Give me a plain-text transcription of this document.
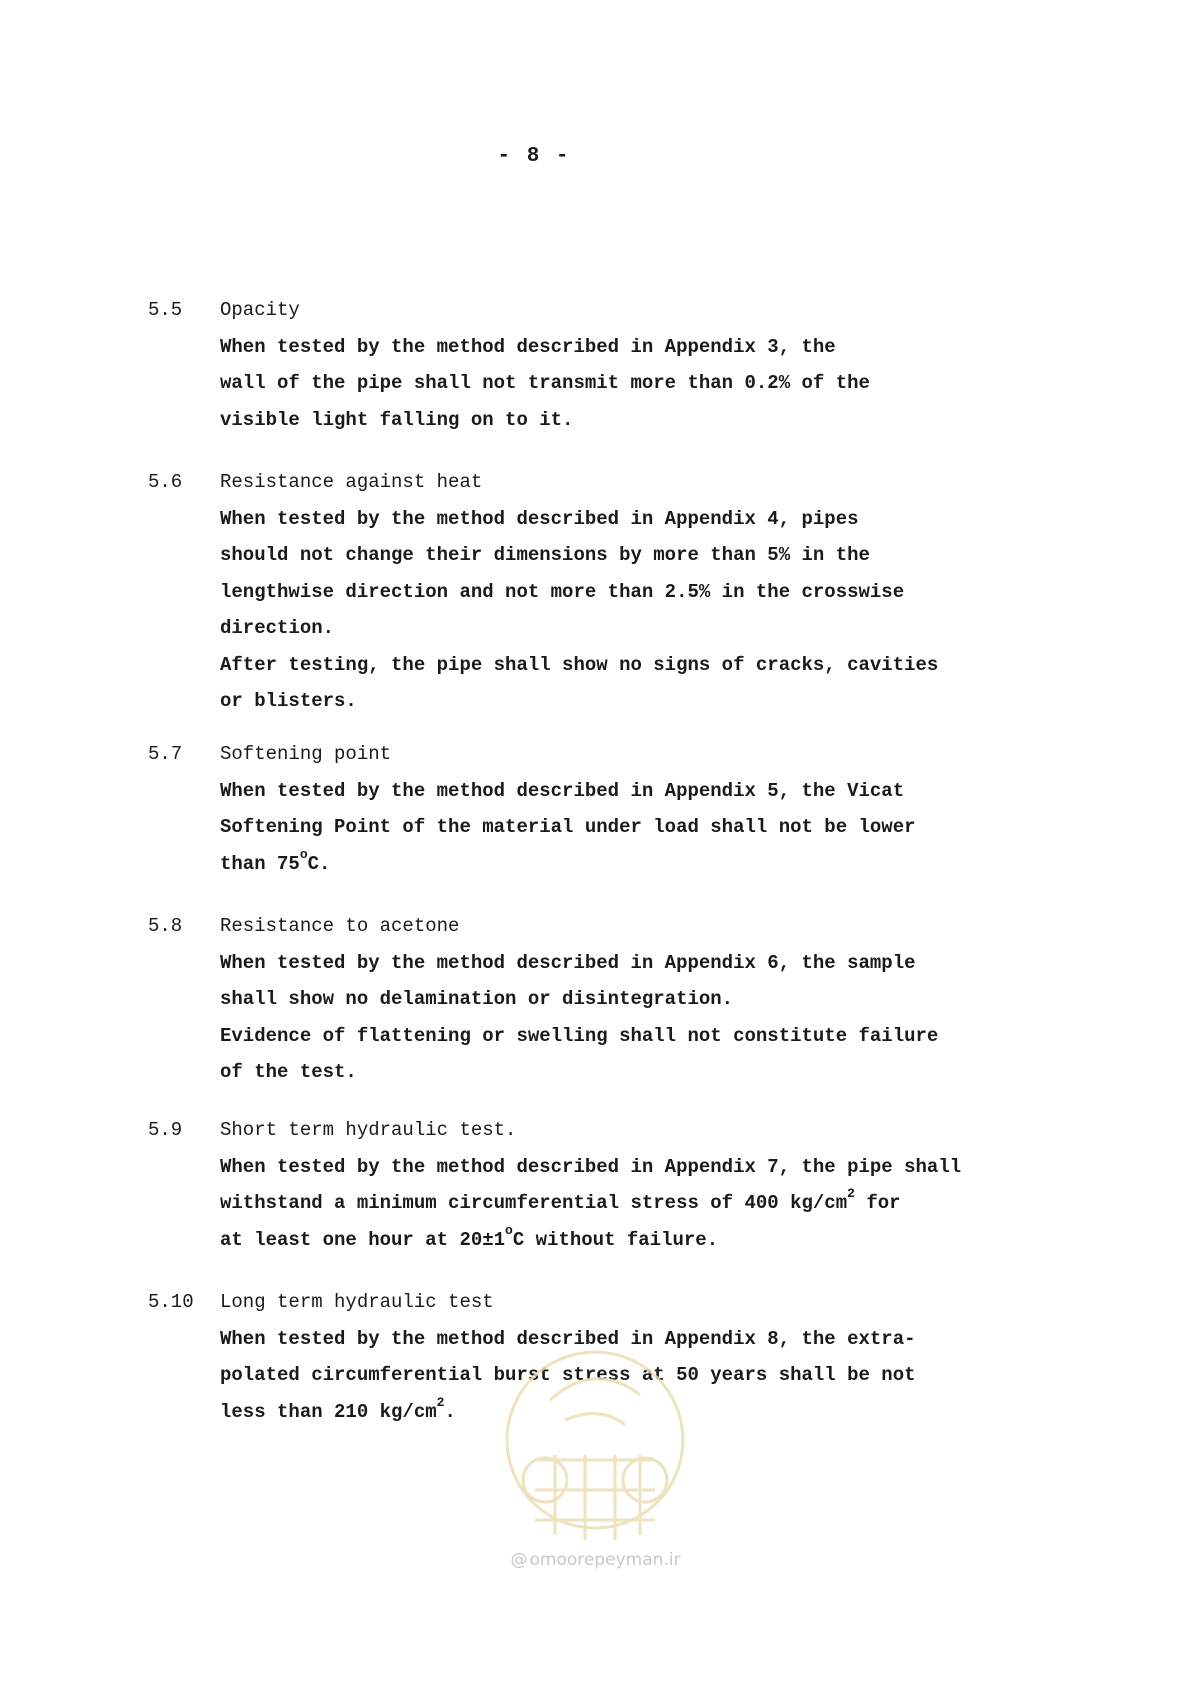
- 8 -
5.5 Opacity
When tested by the method described in Appendix 3, the
wall of the pipe shall not transmit more than 0.2% of the
visible light falling on to it.
5.6 Resistance against heat
When tested by the method described in Appendix 4, pipes
should not change their dimensions by more than 5% in the
lengthwise direction and not more than 2.5% in the crosswise
direction.
After testing, the pipe shall show no signs of cracks, cavities
or blisters.
5.7 Softening point
When tested by the method described in Appendix 5, the Vicat
Softening Point of the material under load shall not be lower
than 75$^o$C.
5.8 Resistance to acetone
When tested by the method described in Appendix 6, the sample
shall show no delamination or disintegration.
Evidence of flattening or swelling shall not constitute failure
of the test.
5.9 Short term hydraulic test.
When tested by the method described in Appendix 7, the pipe shall
withstand a minimum circumferential stress of 400 $kg/cm^2$ for
at least one hour at $20\pm 1^oC$ without failure.
5.10 Long term hydraulic test
When tested by the method described in Appendix 8, the extra-
polated circumferential burst stress at 50 years shall be not
less than 210 $kg/cm^2$.
@ omoorepeyman.ir
